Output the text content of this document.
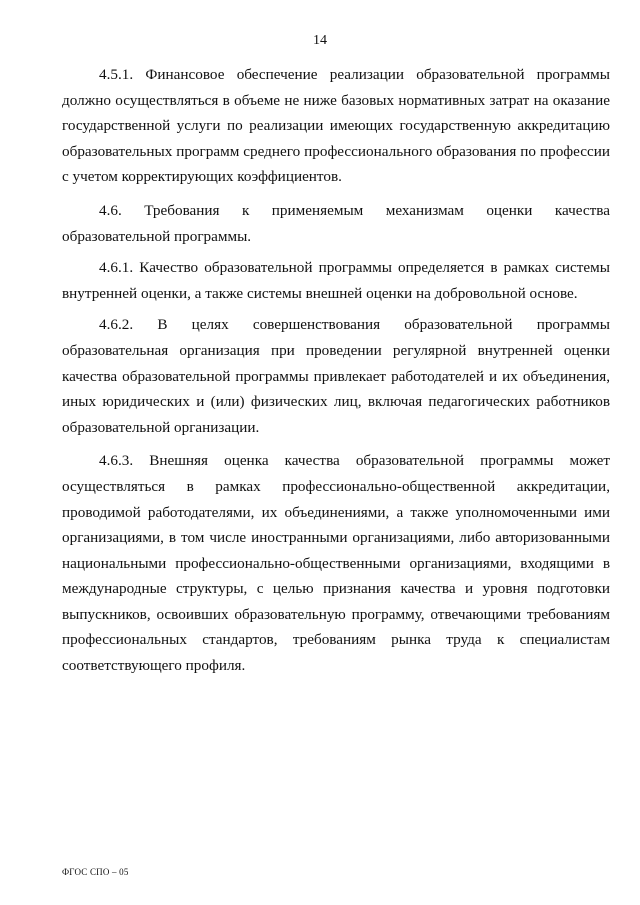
14

4.5.1. Финансовое обеспечение реализации образовательной программы должно осуществляться в объеме не ниже базовых нормативных затрат на оказание государственной услуги по реализации имеющих государственную аккредитацию образовательных программ среднего профессионального образования по профессии с учетом корректирующих коэффициентов.

4.6. Требования к применяемым механизмам оценки качества образовательной программы.

4.6.1. Качество образовательной программы определяется в рамках системы внутренней оценки, а также системы внешней оценки на добровольной основе.

4.6.2. В целях совершенствования образовательной программы образовательная организация при проведении регулярной внутренней оценки качества образовательной программы привлекает работодателей и их объединения, иных юридических и (или) физических лиц, включая педагогических работников образовательной организации.

4.6.3. Внешняя оценка качества образовательной программы может осуществляться в рамках профессионально-общественной аккредитации, проводимой работодателями, их объединениями, а также уполномоченными ими организациями, в том числе иностранными организациями, либо авторизованными национальными профессионально-общественными организациями, входящими в международные структуры, с целью признания качества и уровня подготовки выпускников, освоивших образовательную программу, отвечающими требованиям профессиональных стандартов, требованиям рынка труда к специалистам соответствующего профиля.

ФГОС СПО – 05
